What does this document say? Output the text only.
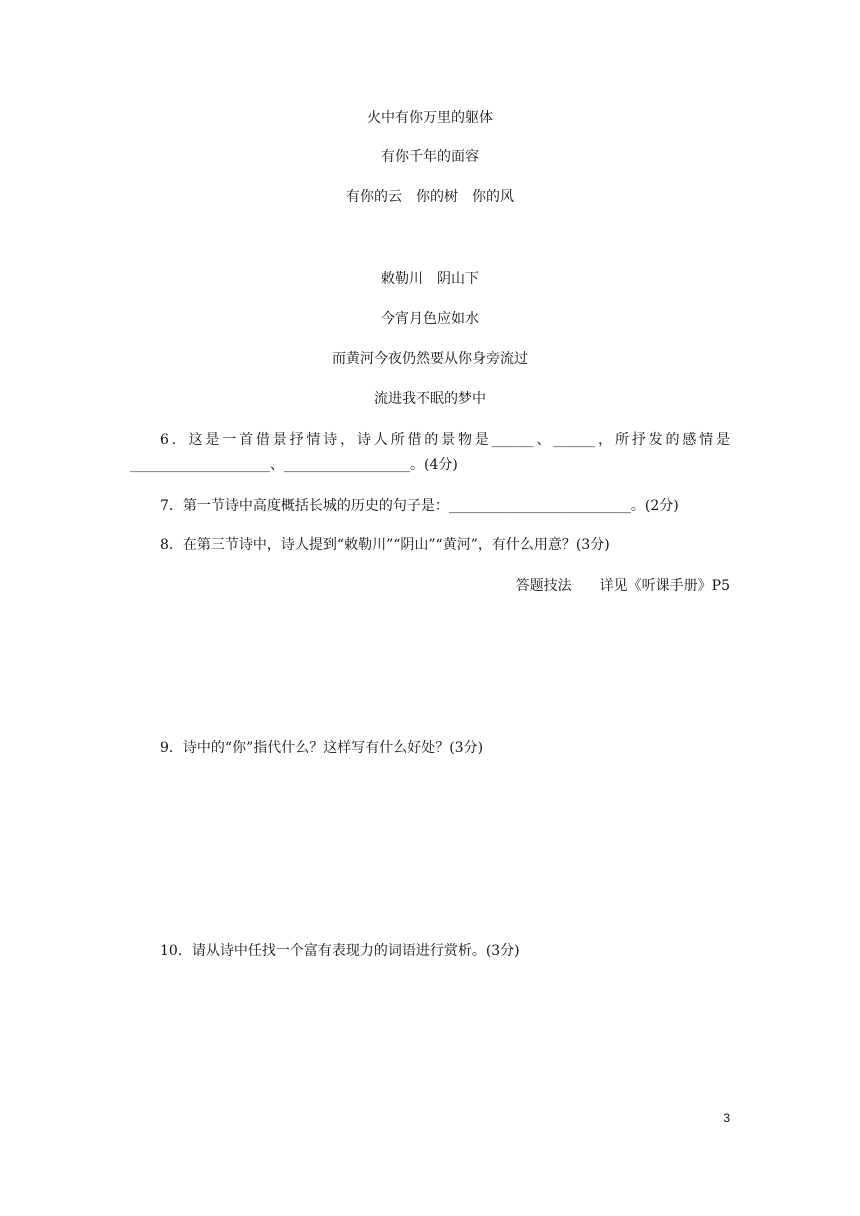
火中有你万里的躯体
有你千年的面容
有你的云　你的树　你的风
敕勒川　阴山下
今宵月色应如水
而黄河今夜仍然要从你身旁流过
流进我不眠的梦中
6．这是一首借景抒情诗，诗人所借的景物是______、______，所抒发的感情是____________________、__________________。(4分)
7．第一节诗中高度概括长城的历史的句子是：__________________________。(2分)
8．在第三节诗中，诗人提到“敕勒川”“阴山”“黄河”，有什么用意？(3分)
答题技法　　详见《听课手册》P5
9．诗中的“你”指代什么？这样写有什么好处？(3分)
10．请从诗中任找一个富有表现力的词语进行赏析。(3分)
3
